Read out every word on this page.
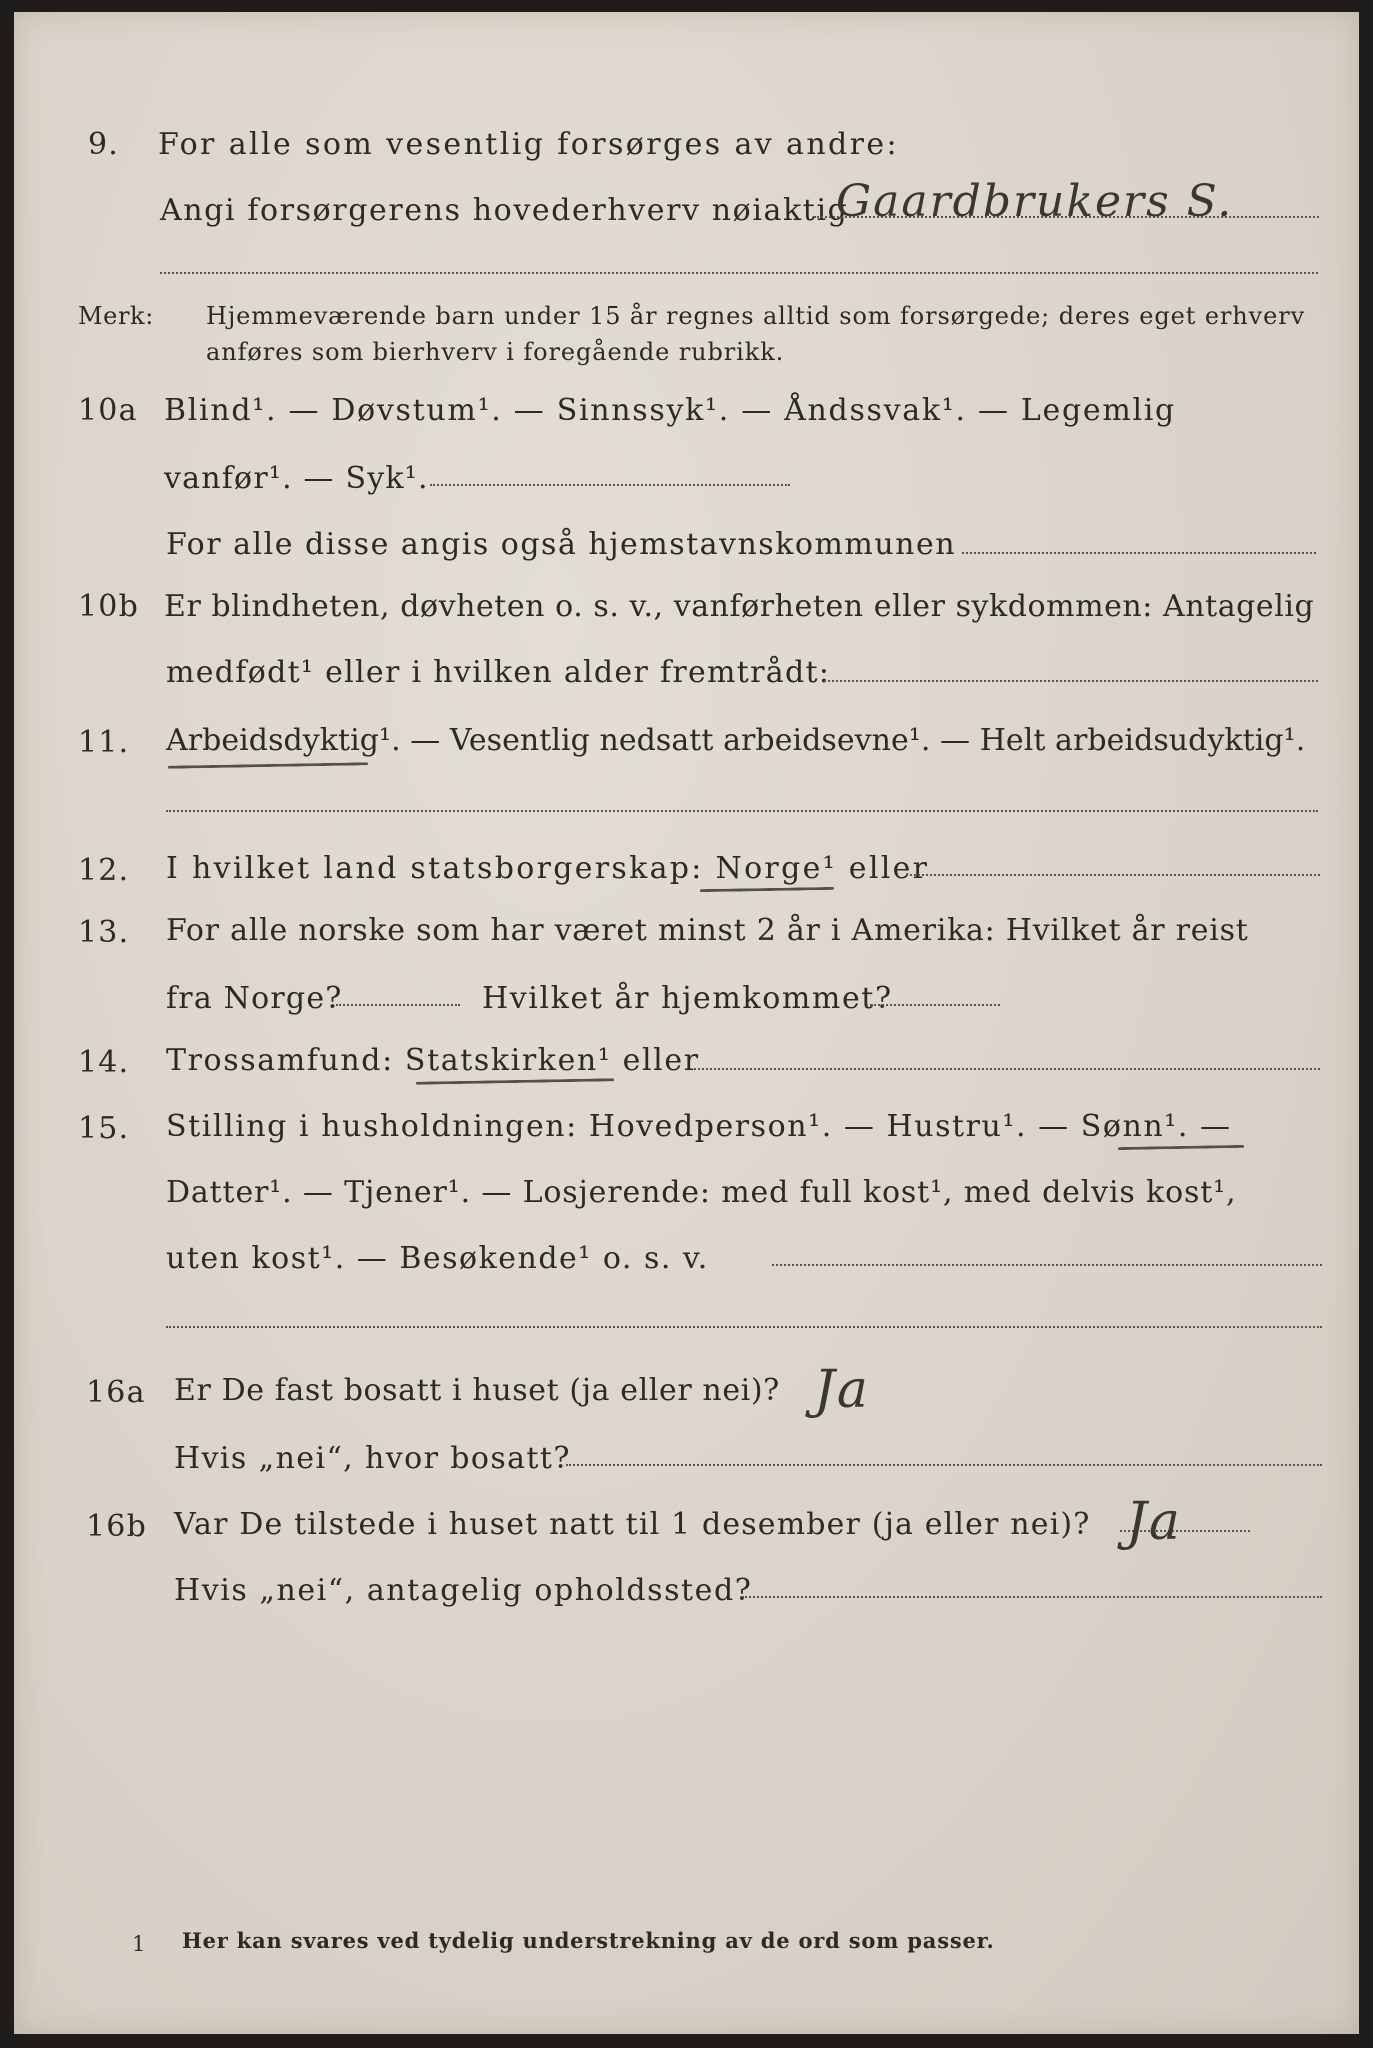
9. For alle som vesentlig forsørges av andre:
Angi forsørgerens hovederhverv nøiaktig
Gaardbrukers S.
Merk: Hjemmeværende barn under 15 år regnes alltid som forsørgede; deres eget erhverv
anføres som bierhverv i foregående rubrikk.
10a Blind¹. — Døvstum¹. — Sinnssyk¹. — Åndssvak¹. — Legemlig
vanfør¹. — Syk¹.
For alle disse angis også hjemstavnskommunen
10b Er blindheten, døvheten o. s. v., vanførheten eller sykdommen: Antagelig
medfødt¹ eller i hvilken alder fremtrådt:
11. Arbeidsdyktig¹. — Vesentlig nedsatt arbeidsevne¹. — Helt arbeidsudyktig¹.
12. I hvilket land statsborgerskap: Norge¹ eller
13. For alle norske som har været minst 2 år i Amerika: Hvilket år reist
fra Norge?	Hvilket år hjemkommet?
14. Trossamfund: Statskirken¹ eller
15. Stilling i husholdningen: Hovedperson¹. — Hustru¹. — Sønn¹. —
Datter¹. — Tjener¹. — Losjerende: med full kost¹, med delvis kost¹,
uten kost¹. — Besøkende¹ o. s. v.
16a Er De fast bosatt i huset (ja eller nei)? Ja
Hvis „nei“, hvor bosatt?
16b Var De tilstede i huset natt til 1 desember (ja eller nei)? Ja
Hvis „nei“, antagelig opholdssted?
1 Her kan svares ved tydelig understrekning av de ord som passer.
